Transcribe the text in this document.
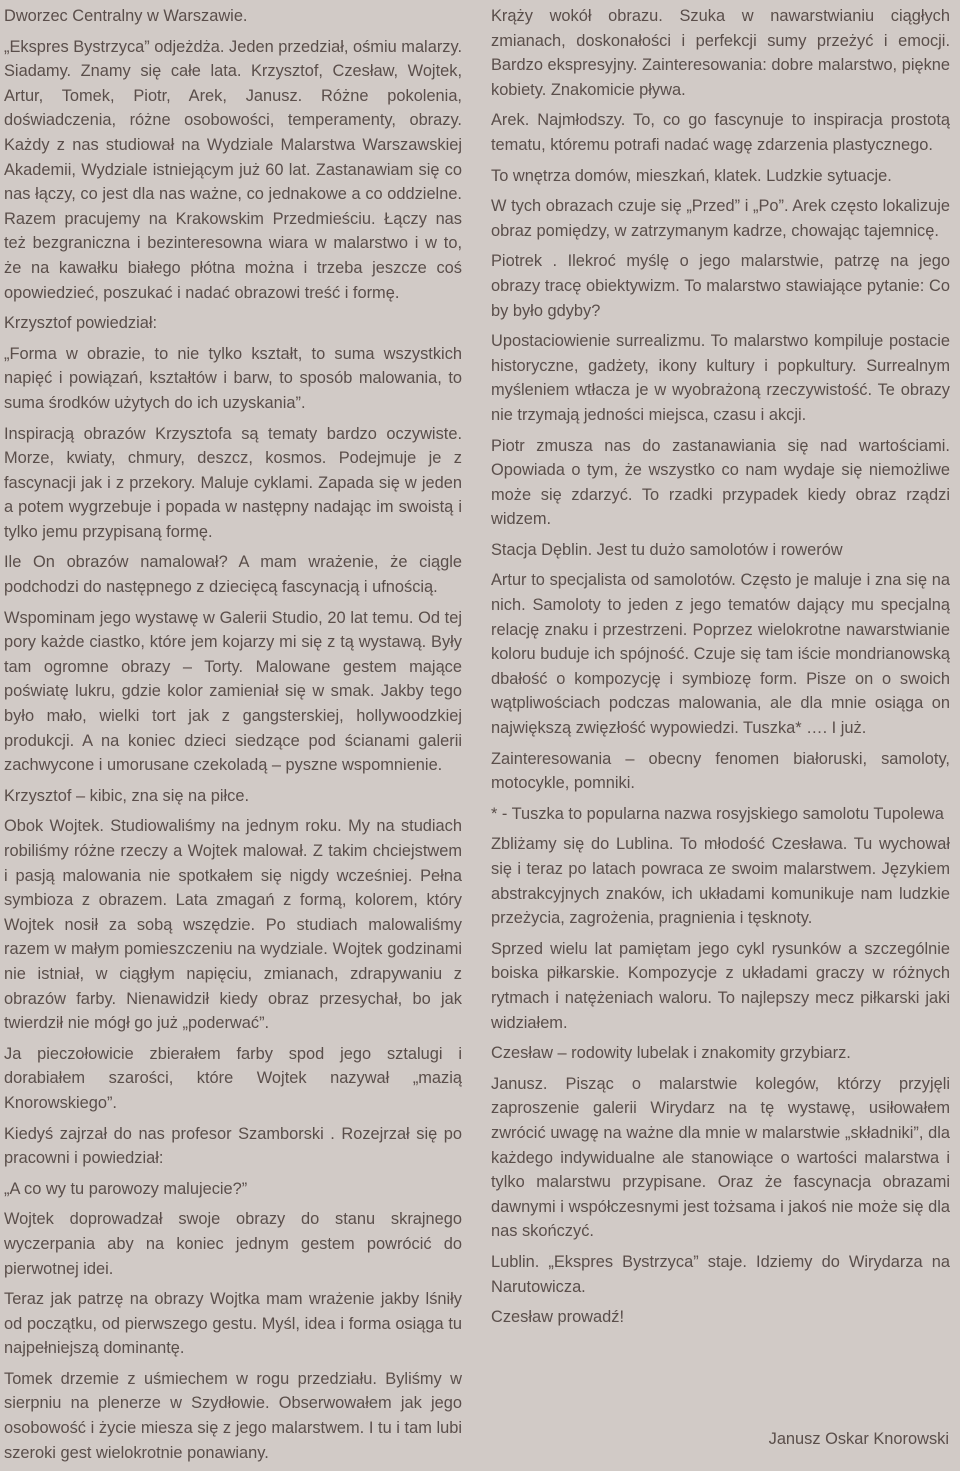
Dworzec Centralny w Warszawie.

„Ekspres Bystrzyca” odjeżdża. Jeden przedział, ośmiu malarzy. Siadamy. Znamy się całe lata. Krzysztof, Czesław, Wojtek, Artur, Tomek, Piotr, Arek, Janusz. Różne pokolenia, doświadczenia, różne osobowości, temperamenty, obrazy. Każdy z nas studiował na Wydziale Malarstwa Warszawskiej Akademii, Wydziale istniejącym już 60 lat. Zastanawiam się co nas łączy, co jest dla nas ważne, co jednakowe a co oddzielne. Razem pracujemy na Krakowskim Przedmieściu. Łączy nas też bezgraniczna i bezinteresowna wiara w malarstwo i w to, że na kawałku białego płótna można i trzeba jeszcze coś opowiedzieć, poszukać i nadać obrazowi treść i formę.

Krzysztof powiedział:

„Forma w obrazie, to nie tylko kształt, to suma wszystkich napięć i powiązań, kształtów i barw, to sposób malowania, to suma środków użytych do ich uzyskania”.

Inspiracją obrazów Krzysztofa są tematy bardzo oczywiste. Morze, kwiaty, chmury, deszcz, kosmos. Podejmuje je z fascynacji jak i z przekory. Maluje cyklami. Zapada się w jeden a potem wygrzebuje i popada w następny nadając im swoistą i tylko jemu przypisaną formę.

Ile On obrazów namalował? A mam wrażenie, że ciągle podchodzi do następnego z dziecięcą fascynacją i ufnością.

Wspominam jego wystawę w Galerii Studio, 20 lat temu. Od tej pory każde ciastko, które jem kojarzy mi się z tą wystawą. Były tam ogromne obrazy – Torty. Malowane gestem mające poświatę lukru, gdzie kolor zamieniał się w smak. Jakby tego było mało, wielki tort jak z gangsterskiej, hollywoodzkiej produkcji. A na koniec dzieci siedzące pod ścianami galerii zachwycone i umorusane czekoladą – pyszne wspomnienie.

Krzysztof – kibic, zna się na piłce.

Obok Wojtek. Studiowaliśmy na jednym roku. My na studiach robiliśmy różne rzeczy a Wojtek malował. Z takim chciejstwem i pasją malowania nie spotkałem się nigdy wcześniej. Pełna symbioza z obrazem. Lata zmagań z formą, kolorem, który Wojtek nosił za sobą wszędzie. Po studiach malowaliśmy razem w małym pomieszczeniu na wydziale. Wojtek godzinami nie istniał, w ciągłym napięciu, zmianach, zdrapywaniu z obrazów farby. Nienawidził kiedy obraz przesychał, bo jak twierdził nie mógł go już „poderwać”.

Ja pieczołowicie zbierałem farby spod jego sztalugi i dorabiałem szarości, które Wojtek nazywał „mazią Knorowskiego”.

Kiedyś zajrzał do nas profesor Szamborski . Rozejrzał się po pracowni i powiedział:

„A co wy tu parowozy malujecie?”

Wojtek doprowadzał swoje obrazy do stanu skrajnego wyczerpania aby na koniec jednym gestem powrócić do pierwotnej idei.

Teraz jak patrzę na obrazy Wojtka mam wrażenie jakby lśniły od początku, od pierwszego gestu. Myśl, idea i forma osiąga tu najpełniejszą dominantę.

Tomek drzemie z uśmiechem w rogu przedziału. Byliśmy w sierpniu na plenerze w Szydłowie. Obserwowałem jak jego osobowość i życie miesza się z jego malarstwem. I tu i tam lubi szeroki gest wielokrotnie ponawiany.

Krąży wokół obrazu. Szuka w nawarstwianiu ciągłych zmianach, doskonałości i perfekcji sumy przeżyć i emocji. Bardzo ekspresyjny. Zainteresowania: dobre malarstwo, piękne kobiety. Znakomicie pływa.

Arek. Najmłodszy. To, co go fascynuje to inspiracja prostotą tematu, któremu potrafi nadać wagę zdarzenia plastycznego.

To wnętrza domów, mieszkań, klatek. Ludzkie sytuacje.

W tych obrazach czuje się „Przed” i „Po”. Arek często lokalizuje obraz pomiędzy, w zatrzymanym kadrze, chowając tajemnicę.

Piotrek . Ilekroć myślę o jego malarstwie, patrzę na jego obrazy tracę obiektywizm. To malarstwo stawiające pytanie: Co by było gdyby?

Upostaciowienie surrealizmu. To malarstwo kompiluje postacie historyczne, gadżety, ikony kultury i popkultury. Surrealnym myśleniem wtłacza je w wyobrażoną rzeczywistość. Te obrazy nie trzymają jedności miejsca, czasu i akcji.

Piotr zmusza nas do zastanawiania się nad wartościami. Opowiada o tym, że wszystko co nam wydaje się niemożliwe może się zdarzyć. To rzadki przypadek kiedy obraz rządzi widzem.

Stacja Dęblin. Jest tu dużo samolotów i rowerów

Artur to specjalista od samolotów. Często je maluje i zna się na nich. Samoloty to jeden z jego tematów dający mu specjalną relację znaku i przestrzeni. Poprzez wielokrotne nawarstwianie koloru buduje ich spójność. Czuje się tam iście mondrianowską dbałość o kompozycję i symbiozę form. Pisze on o swoich wątpliwościach podczas malowania, ale dla mnie osiąga on największą zwięzłość wypowiedzi. Tuszka* …. I już.

Zainteresowania – obecny fenomen białoruski, samoloty, motocykle, pomniki.

* - Tuszka to popularna nazwa rosyjskiego samolotu Tupolewa

Zbliżamy się do Lublina. To młodość Czesława. Tu wychował się i teraz po latach powraca ze swoim malarstwem. Językiem abstrakcyjnych znaków, ich układami komunikuje nam ludzkie przeżycia, zagrożenia, pragnienia i tęsknoty.

Sprzed wielu lat pamiętam jego cykl rysunków a szczególnie boiska piłkarskie. Kompozycje z układami graczy w różnych rytmach i natężeniach waloru. To najlepszy mecz piłkarski jaki widziałem.

Czesław – rodowity lubelak i znakomity grzybiarz.

Janusz. Pisząc o malarstwie kolegów, którzy przyjęli zaproszenie galerii Wirydarz na tę wystawę, usiłowałem zwrócić uwagę na ważne dla mnie w malarstwie „składniki”, dla każdego indywidualne ale stanowiące o wartości malarstwa i tylko malarstwu przypisane. Oraz że fascynacja obrazami dawnymi i współczesnymi jest tożsama i jakoś nie może się dla nas skończyć.

Lublin. „Ekspres Bystrzyca” staje. Idziemy do Wirydarza na Narutowicza.

Czesław prowadź!

Janusz Oskar Knorowski
